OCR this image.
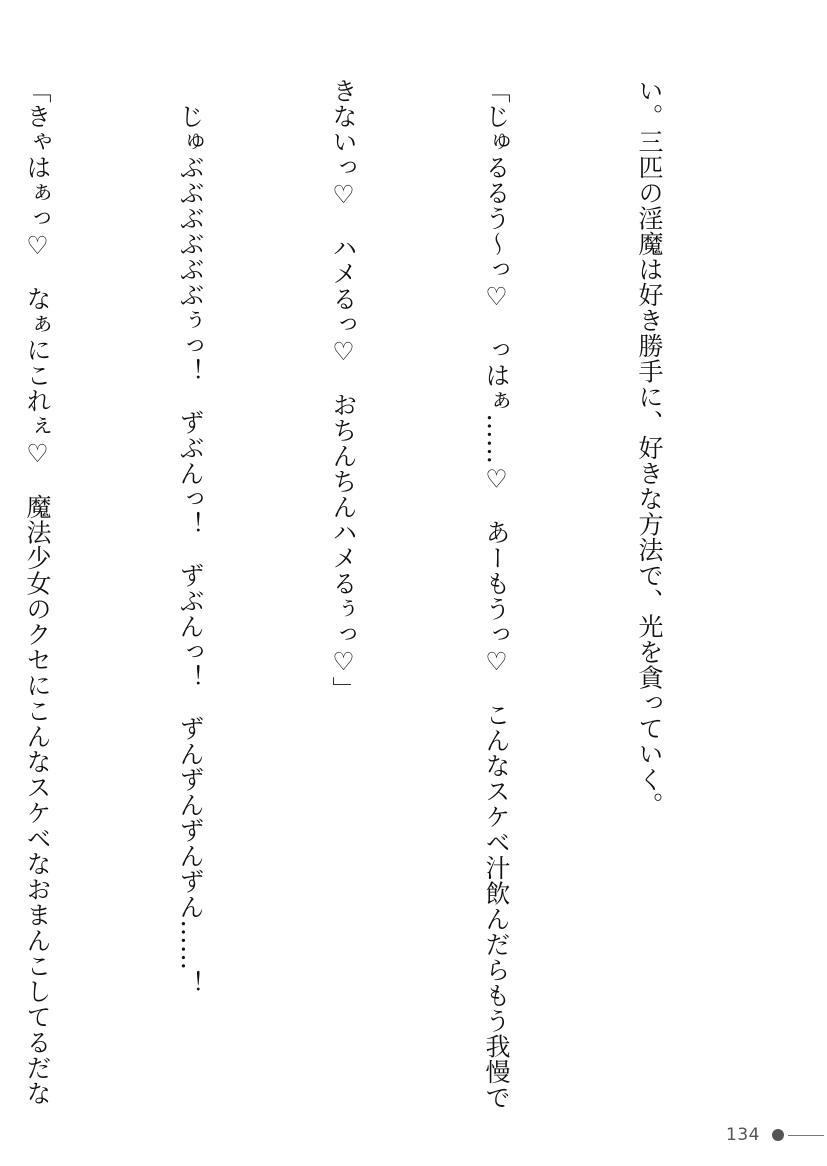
い。三匹の淫魔は好き勝手に、好きな方法で、光を貪っていく。

「じゅるるう〜っ♡　っはぁ……♡　あーもうっ♡　こんなスケベ汁飲んだらもう我慢で

きないっ♡　ハメるっ♡　おちんちんハメるぅっ♡」

　じゅぶぶぶぶぶぶぅっ！　ずぶんっ！　ずぶんっ！　ずんずんずんずん……！

「きゃはぁっ♡　なぁにこれぇ♡　魔法少女のクセにこんなスケベなおまんこしてるだな

134
